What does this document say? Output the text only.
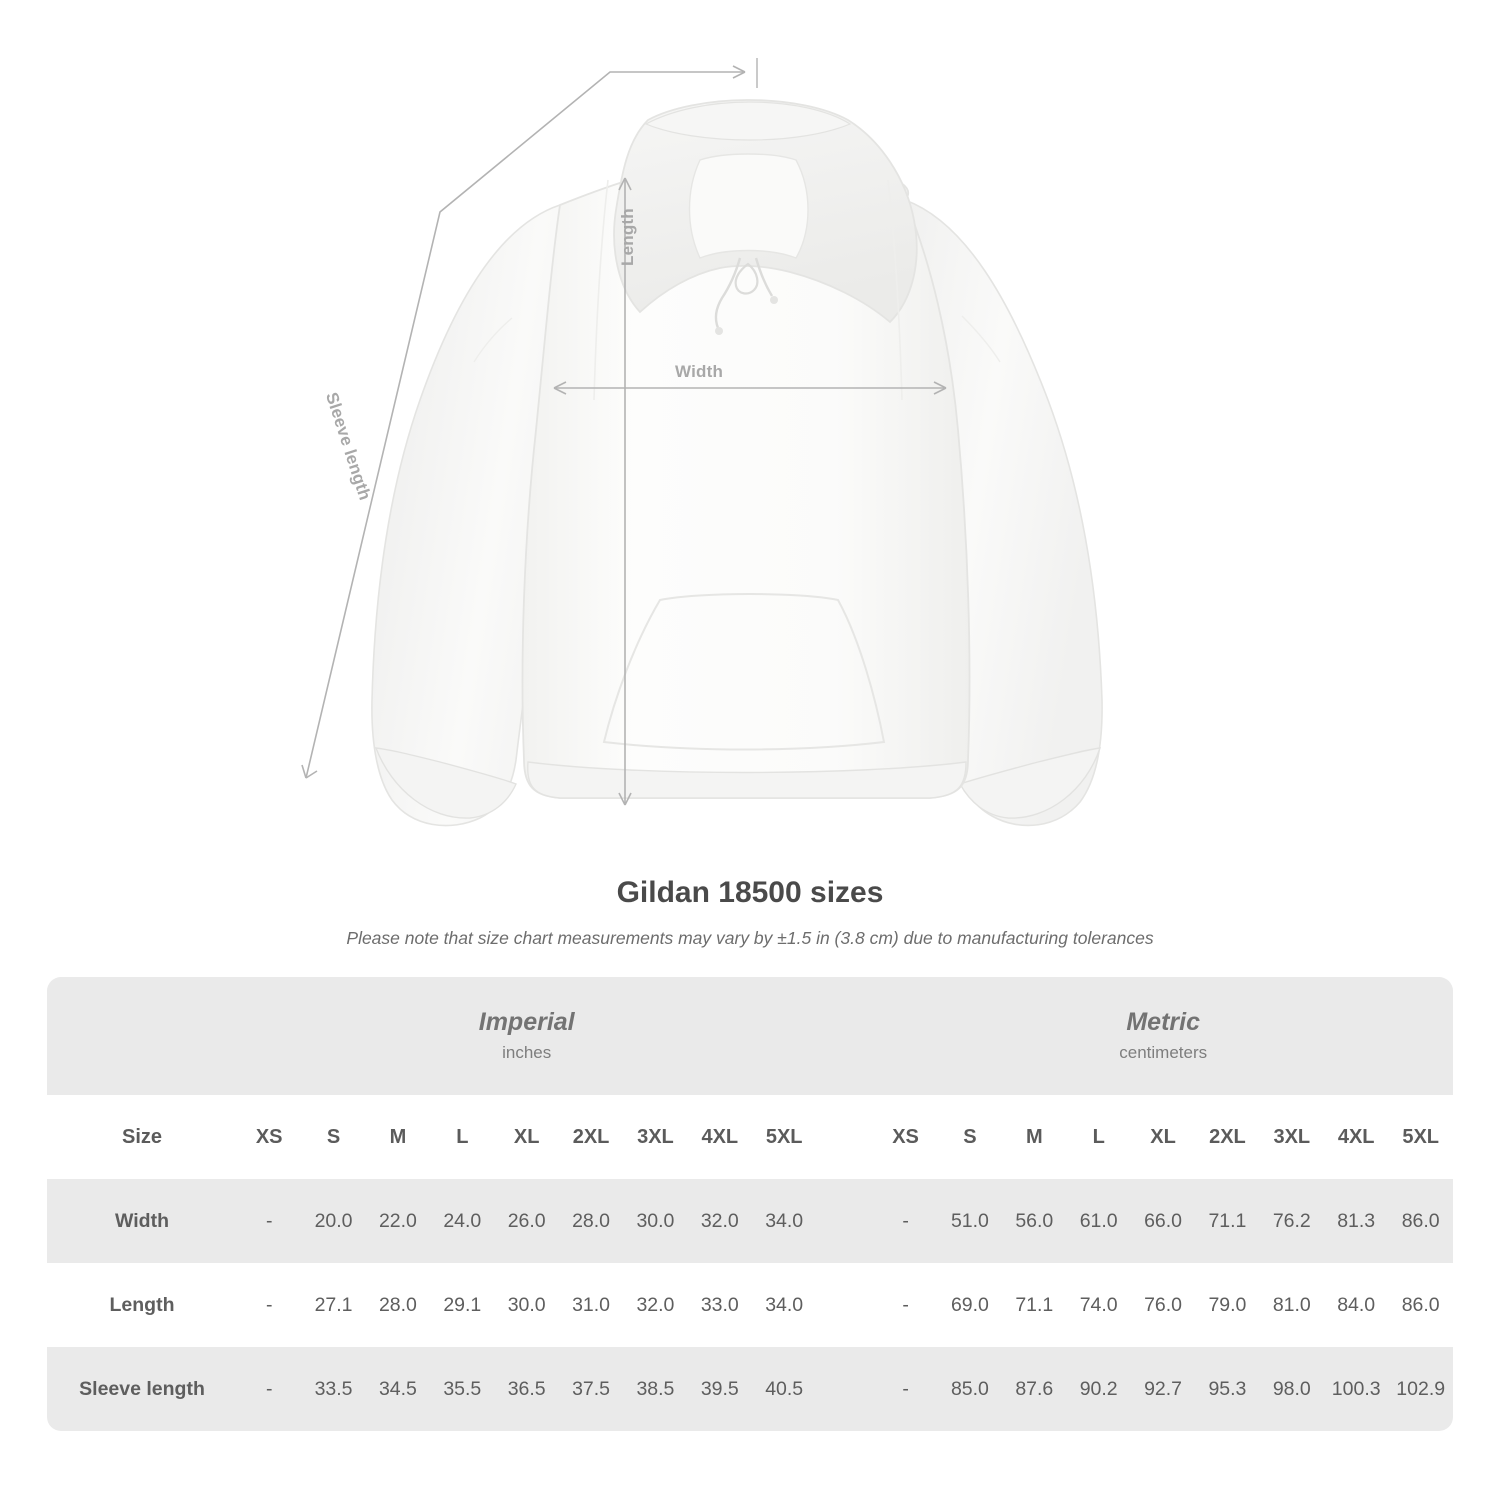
Width
Length
Sleeve length
Gildan 18500 sizes

Please note that size chart measurements may vary by ±1.5 in (3.8 cm) due to manufacturing tolerances

Imperial
inches

Metric
centimeters

Size	XS	S	M	L	XL	2XL	3XL	4XL	5XL		XS	S	M	L	XL	2XL	3XL	4XL	5XL
Width	-	20.0	22.0	24.0	26.0	28.0	30.0	32.0	34.0		-	51.0	56.0	61.0	66.0	71.1	76.2	81.3	86.0
Length	-	27.1	28.0	29.1	30.0	31.0	32.0	33.0	34.0		-	69.0	71.1	74.0	76.0	79.0	81.0	84.0	86.0
Sleeve length	-	33.5	34.5	35.5	36.5	37.5	38.5	39.5	40.5		-	85.0	87.6	90.2	92.7	95.3	98.0	100.3	102.9
